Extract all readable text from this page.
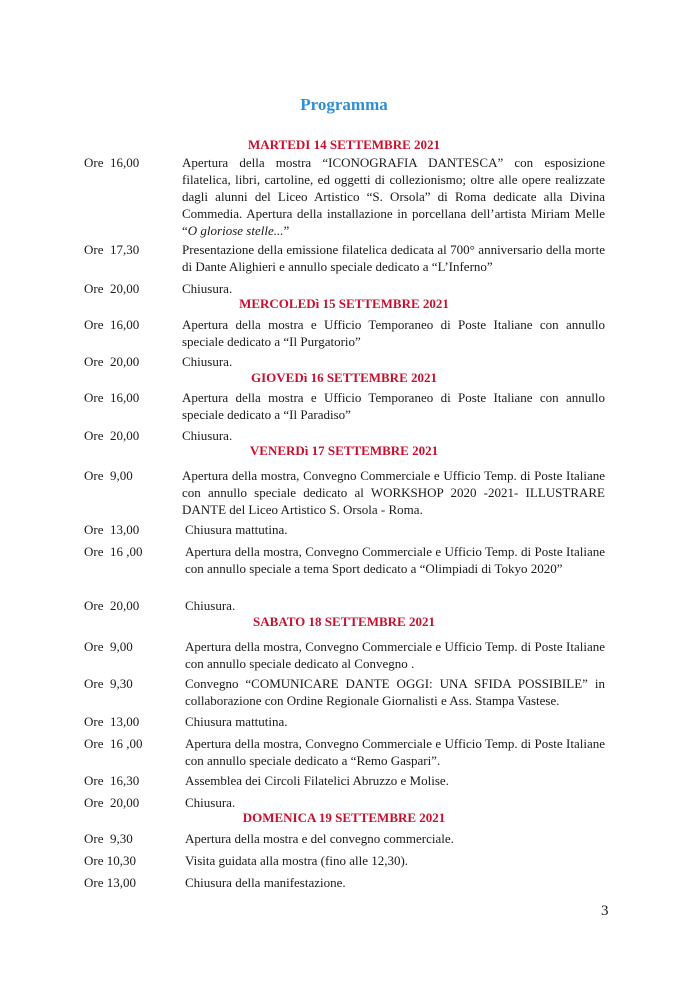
Programma
MARTEDI 14 SETTEMBRE 2021
Ore  16,00	Apertura della mostra “ICONOGRAFIA DANTESCA” con esposizione filatelica, libri, cartoline, ed oggetti di collezionismo; oltre alle opere realizzate dagli alunni del Liceo Artistico “S. Orsola” di Roma dedicate alla Divina Commedia. Apertura della installazione in porcellana dell’artista Miriam Melle “O gloriose stelle...”
Ore  17,30	Presentazione della emissione filatelica dedicata al 700° anniversario della morte di Dante Alighieri e annullo speciale dedicato a “L’Inferno”
Ore  20,00	Chiusura.
MERCOLEDì 15 SETTEMBRE 2021
Ore  16,00	Apertura della mostra e Ufficio Temporaneo di Poste Italiane con annullo speciale dedicato a “Il Purgatorio”
Ore  20,00	Chiusura.
GIOVEDì 16 SETTEMBRE 2021
Ore  16,00	Apertura della mostra e Ufficio Temporaneo di Poste Italiane con annullo speciale dedicato a “Il Paradiso”
Ore  20,00	Chiusura.
VENERDì 17 SETTEMBRE 2021
Ore  9,00	Apertura della mostra, Convegno Commerciale e Ufficio Temp. di Poste Italiane con annullo speciale dedicato al WORKSHOP 2020 -2021- ILLUSTRARE DANTE del Liceo Artistico S. Orsola - Roma.
Ore  13,00	Chiusura mattutina.
Ore  16 ,00	Apertura della mostra, Convegno Commerciale e Ufficio Temp. di Poste Italiane con annullo speciale a tema Sport dedicato a “Olimpiadi di Tokyo 2020”
Ore  20,00	Chiusura.
SABATO 18 SETTEMBRE 2021
Ore  9,00	Apertura della mostra, Convegno Commerciale e Ufficio Temp. di Poste Italiane con annullo speciale dedicato al Convegno .
Ore  9,30	Convegno “COMUNICARE DANTE OGGI: UNA SFIDA POSSIBILE” in collaborazione con Ordine Regionale Giornalisti e Ass. Stampa Vastese.
Ore  13,00	Chiusura mattutina.
Ore  16 ,00	Apertura della mostra, Convegno Commerciale e Ufficio Temp. di Poste Italiane con annullo speciale dedicato a “Remo Gaspari”.
Ore  16,30	Assemblea dei Circoli Filatelici Abruzzo e Molise.
Ore  20,00	Chiusura.
DOMENICA 19 SETTEMBRE 2021
Ore  9,30	Apertura della mostra e del convegno commerciale.
Ore 10,30	Visita guidata alla mostra (fino alle 12,30).
Ore 13,00	Chiusura della manifestazione.
3
